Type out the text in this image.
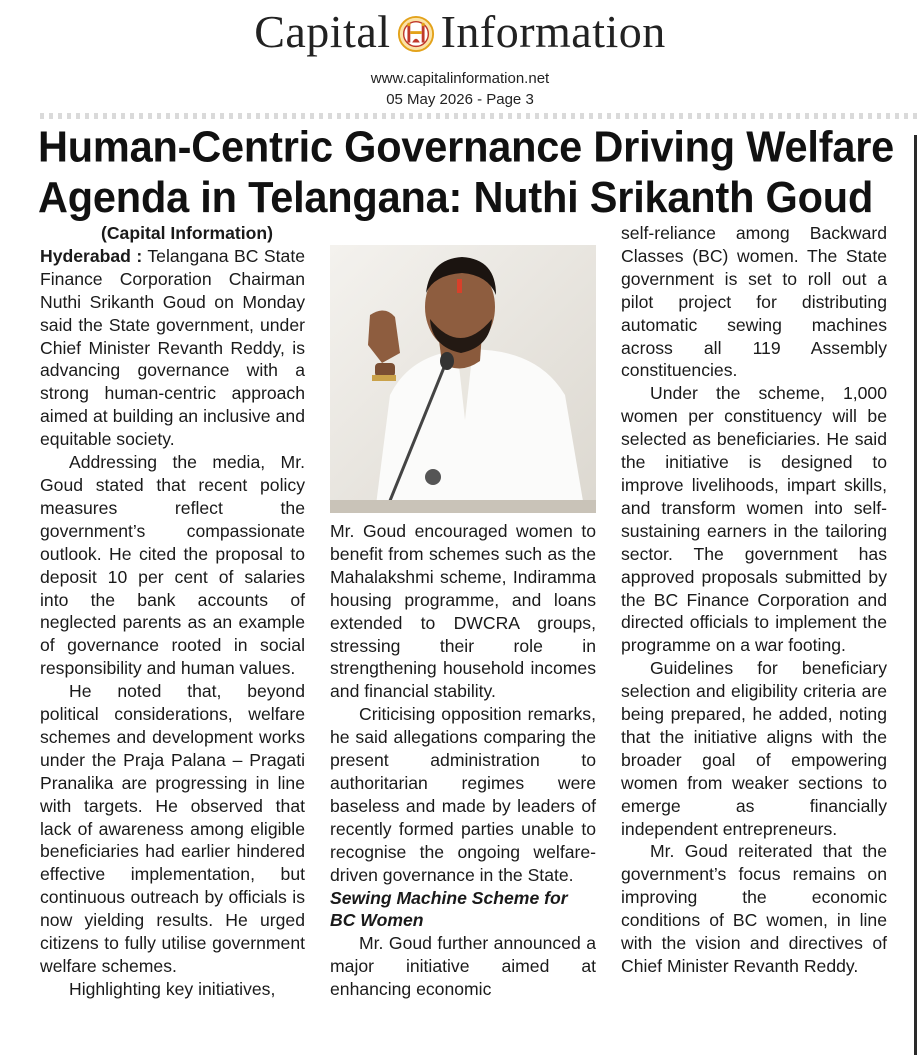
Capital Information
www.capitalinformation.net
05 May 2026 - Page 3
Human-Centric Governance Driving Welfare Agenda in Telangana: Nuthi Srikanth Goud

(Capital Information)

Hyderabad : Telangana BC State Finance Corporation Chairman Nuthi Srikanth Goud on Monday said the State government, under Chief Minister Revanth Reddy, is advancing governance with a strong human-centric approach aimed at building an inclusive and equitable society.

Addressing the media, Mr. Goud stated that recent policy measures reflect the government’s compassionate outlook. He cited the proposal to deposit 10 per cent of salaries into the bank accounts of neglected parents as an example of governance rooted in social responsibility and human values.

He noted that, beyond political considerations, welfare schemes and development works under the Praja Palana – Pragati Pranalika are progressing in line with targets. He observed that lack of awareness among eligible beneficiaries had earlier hindered effective implementation, but continuous outreach by officials is now yielding results. He urged citizens to fully utilise government welfare schemes.

Highlighting key initiatives,

Mr. Goud encouraged women to benefit from schemes such as the Mahalakshmi scheme, Indiramma housing programme, and loans extended to DWCRA groups, stressing their role in strengthening household incomes and financial stability.

Criticising opposition remarks, he said allegations comparing the present administration to authoritarian regimes were baseless and made by leaders of recently formed parties unable to recognise the ongoing welfare-driven governance in the State.

Sewing Machine Scheme for BC Women

Mr. Goud further announced a major initiative aimed at enhancing economic

self-reliance among Backward Classes (BC) women. The State government is set to roll out a pilot project for distributing automatic sewing machines across all 119 Assembly constituencies.

Under the scheme, 1,000 women per constituency will be selected as beneficiaries. He said the initiative is designed to improve livelihoods, impart skills, and transform women into self-sustaining earners in the tailoring sector. The government has approved proposals submitted by the BC Finance Corporation and directed officials to implement the programme on a war footing.

Guidelines for beneficiary selection and eligibility criteria are being prepared, he added, noting that the initiative aligns with the broader goal of empowering women from weaker sections to emerge as financially independent entrepreneurs.

Mr. Goud reiterated that the government’s focus remains on improving the economic conditions of BC women, in line with the vision and directives of Chief Minister Revanth Reddy.
